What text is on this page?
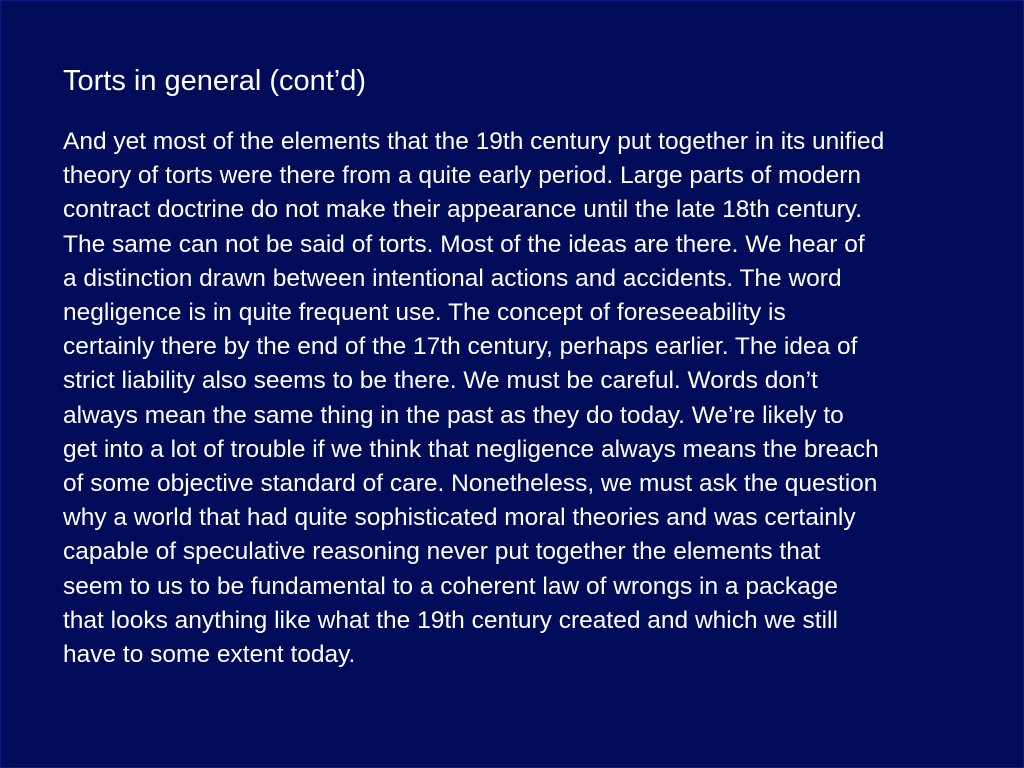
Torts in general (cont’d)

And yet most of the elements that the 19th century put together in its unified
theory of torts were there from a quite early period. Large parts of modern
contract doctrine do not make their appearance until the late 18th century.
The same can not be said of torts. Most of the ideas are there. We hear of
a distinction drawn between intentional actions and accidents. The word
negligence is in quite frequent use. The concept of foreseeability is
certainly there by the end of the 17th century, perhaps earlier. The idea of
strict liability also seems to be there. We must be careful. Words don’t
always mean the same thing in the past as they do today. We’re likely to
get into a lot of trouble if we think that negligence always means the breach
of some objective standard of care. Nonetheless, we must ask the question
why a world that had quite sophisticated moral theories and was certainly
capable of speculative reasoning never put together the elements that
seem to us to be fundamental to a coherent law of wrongs in a package
that looks anything like what the 19th century created and which we still
have to some extent today.
